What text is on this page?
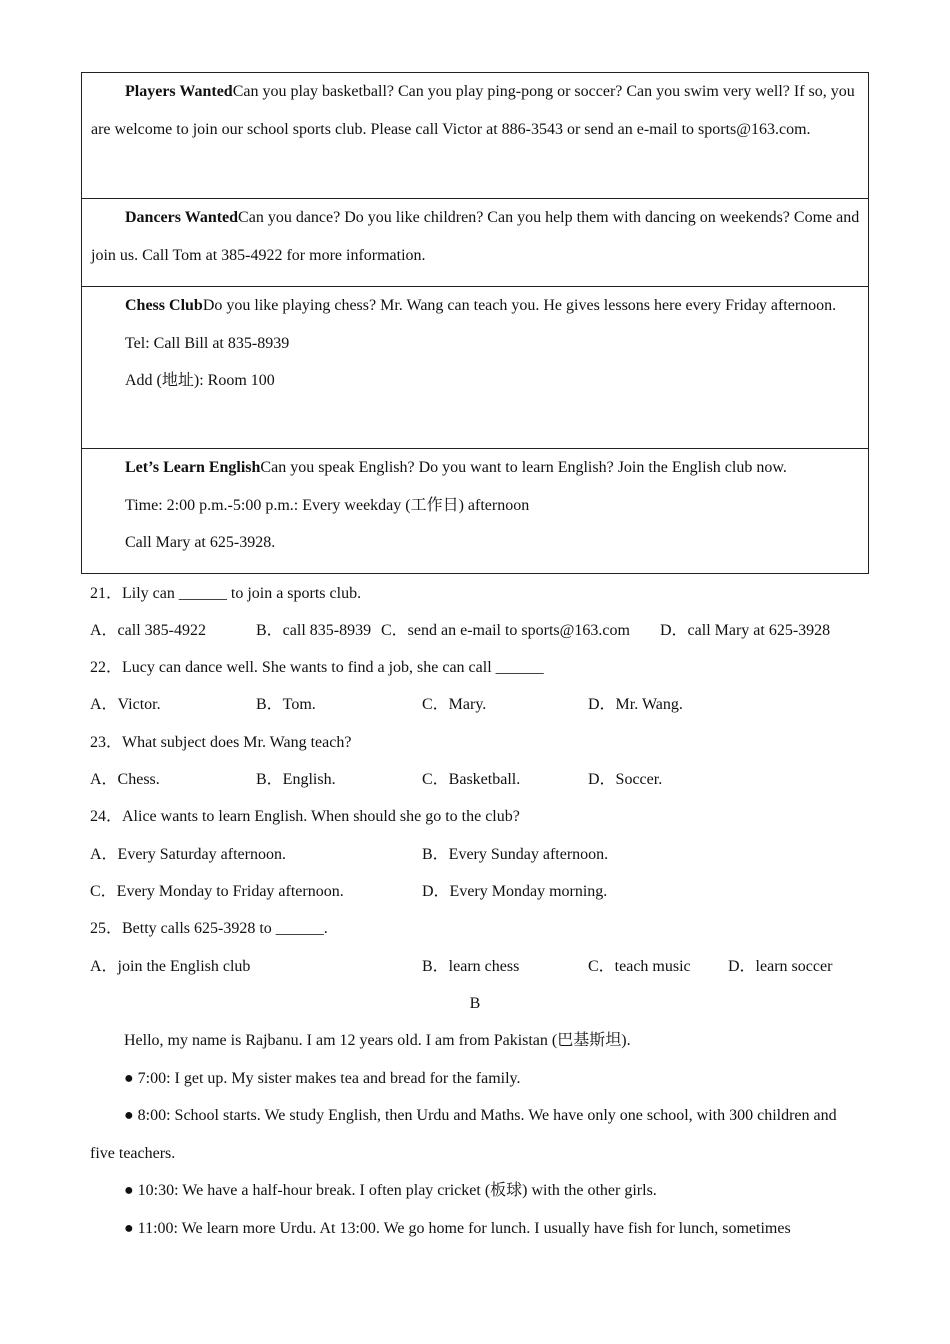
Players WantedCan you play basketball? Can you play ping-pong or soccer? Can you swim very well? If so, you are welcome to join our school sports club. Please call Victor at 886-3543 or send an e-mail to sports@163.com.

Dancers WantedCan you dance? Do you like children? Can you help them with dancing on weekends? Come and join us. Call Tom at 385-4922 for more information.

Chess ClubDo you like playing chess? Mr. Wang can teach you. He gives lessons here every Friday afternoon.

Tel: Call Bill at 835-8939

Add (地址): Room 100

Let’s Learn EnglishCan you speak English? Do you want to learn English? Join the English club now.

Time: 2:00 p.m.-5:00 p.m.: Every weekday (工作日) afternoon

Call Mary at 625-3928.

21．Lily can ______ to join a sports club.
A．call 385-4922	B．call 835-8939 C．send an e-mail to sports@163.com D．call Mary at 625-3928
22．Lucy can dance well. She wants to find a job, she can call ______
A．Victor.	B．Tom.	C．Mary.	D．Mr. Wang.
23．What subject does Mr. Wang teach?
A．Chess.	B．English.	C．Basketball.	D．Soccer.
24．Alice wants to learn English. When should she go to the club?
A．Every Saturday afternoon.	B．Every Sunday afternoon.
C．Every Monday to Friday afternoon.	D．Every Monday morning.
25．Betty calls 625-3928 to ______.
A．join the English club	B．learn chess	C．teach music D．learn soccer
B

Hello, my name is Rajbanu. I am 12 years old. I am from Pakistan (巴基斯坦).

● 7:00: I get up. My sister makes tea and bread for the family.

● 8:00: School starts. We study English, then Urdu and Maths. We have only one school, with 300 children and five teachers.

● 10:30: We have a half-hour break. I often play cricket (板球) with the other girls.

● 11:00: We learn more Urdu. At 13:00. We go home for lunch. I usually have fish for lunch, sometimes
